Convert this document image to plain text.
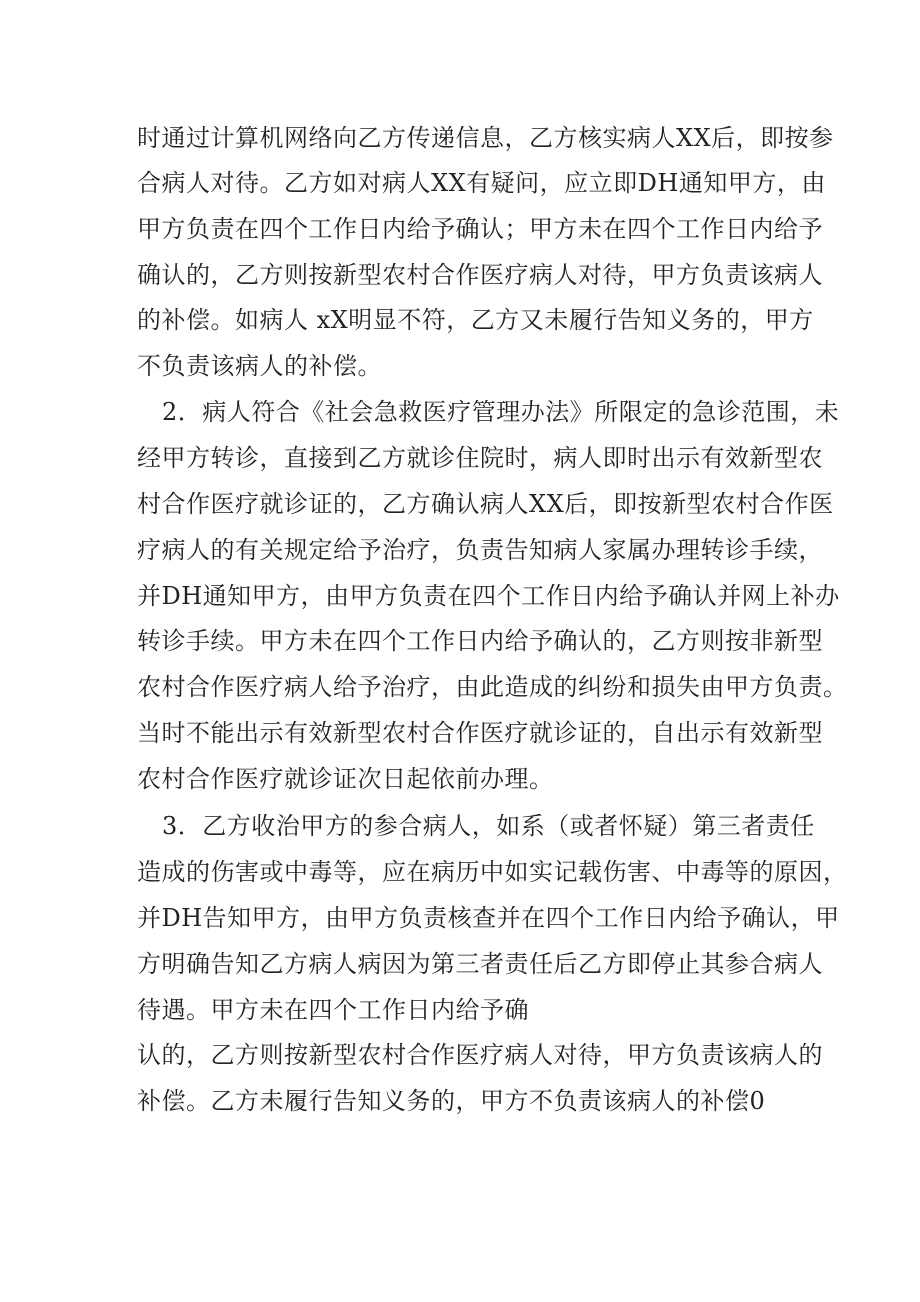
时通过计算机网络向乙方传递信息，乙方核实病人XX后，即按参
合病人对待。乙方如对病人XX有疑问，应立即DH通知甲方，由
甲方负责在四个工作日内给予确认；甲方未在四个工作日内给予
确认的，乙方则按新型农村合作医疗病人对待，甲方负责该病人
的补偿。如病人 xX明显不符，乙方又未履行告知义务的，甲方
不负责该病人的补偿。
2．病人符合《社会急救医疗管理办法》所限定的急诊范围，未
经甲方转诊，直接到乙方就诊住院时，病人即时出示有效新型农
村合作医疗就诊证的，乙方确认病人XX后，即按新型农村合作医
疗病人的有关规定给予治疗，负责告知病人家属办理转诊手续，
并DH通知甲方，由甲方负责在四个工作日内给予确认并网上补办
转诊手续。甲方未在四个工作日内给予确认的，乙方则按非新型
农村合作医疗病人给予治疗，由此造成的纠纷和损失由甲方负责。
当时不能出示有效新型农村合作医疗就诊证的，自出示有效新型
农村合作医疗就诊证次日起依前办理。
3．乙方收治甲方的参合病人，如系（或者怀疑）第三者责任
造成的伤害或中毒等，应在病历中如实记载伤害、中毒等的原因，
并DH告知甲方，由甲方负责核查并在四个工作日内给予确认，甲
方明确告知乙方病人病因为第三者责任后乙方即停止其参合病人
待遇。甲方未在四个工作日内给予确
认的，乙方则按新型农村合作医疗病人对待，甲方负责该病人的
补偿。乙方未履行告知义务的，甲方不负责该病人的补偿0
